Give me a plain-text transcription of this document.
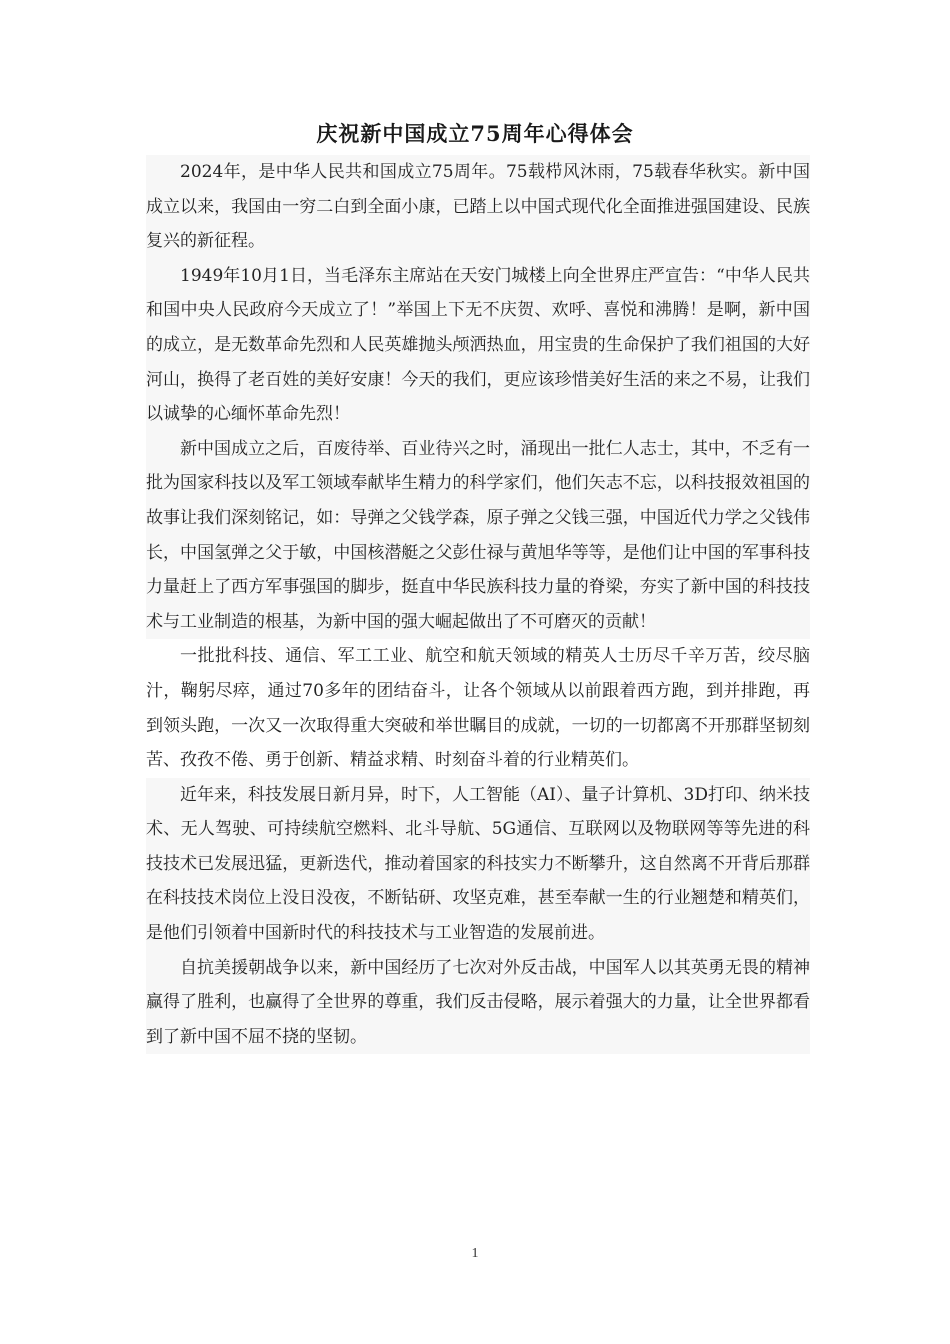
庆祝新中国成立75周年心得体会

2024年，是中华人民共和国成立75周年。75载栉风沐雨，75载春华秋实。新中国成立以来，我国由一穷二白到全面小康，已踏上以中国式现代化全面推进强国建设、民族复兴的新征程。

1949年10月1日，当毛泽东主席站在天安门城楼上向全世界庄严宣告：“中华人民共和国中央人民政府今天成立了！”举国上下无不庆贺、欢呼、喜悦和沸腾！是啊，新中国的成立，是无数革命先烈和人民英雄抛头颅洒热血，用宝贵的生命保护了我们祖国的大好河山，换得了老百姓的美好安康！今天的我们，更应该珍惜美好生活的来之不易，让我们以诚挚的心缅怀革命先烈！

新中国成立之后，百废待举、百业待兴之时，涌现出一批仁人志士，其中，不乏有一批为国家科技以及军工领域奉献毕生精力的科学家们，他们矢志不忘，以科技报效祖国的故事让我们深刻铭记，如：导弹之父钱学森，原子弹之父钱三强，中国近代力学之父钱伟长，中国氢弹之父于敏，中国核潜艇之父彭仕禄与黄旭华等等，是他们让中国的军事科技力量赶上了西方军事强国的脚步，挺直中华民族科技力量的脊梁，夯实了新中国的科技技术与工业制造的根基，为新中国的强大崛起做出了不可磨灭的贡献！

一批批科技、通信、军工工业、航空和航天领域的精英人士历尽千辛万苦，绞尽脑汁，鞠躬尽瘁，通过70多年的团结奋斗，让各个领域从以前跟着西方跑，到并排跑，再到领头跑，一次又一次取得重大突破和举世瞩目的成就，一切的一切都离不开那群坚韧刻苦、孜孜不倦、勇于创新、精益求精、时刻奋斗着的行业精英们。

近年来，科技发展日新月异，时下，人工智能（AI）、量子计算机、3D打印、纳米技术、无人驾驶、可持续航空燃料、北斗导航、5G通信、互联网以及物联网等等先进的科技技术已发展迅猛，更新迭代，推动着国家的科技实力不断攀升，这自然离不开背后那群在科技技术岗位上没日没夜，不断钻研、攻坚克难，甚至奉献一生的行业翘楚和精英们，是他们引领着中国新时代的科技技术与工业智造的发展前进。

自抗美援朝战争以来，新中国经历了七次对外反击战，中国军人以其英勇无畏的精神赢得了胜利，也赢得了全世界的尊重，我们反击侵略，展示着强大的力量，让全世界都看到了新中国不屈不挠的坚韧。

1
